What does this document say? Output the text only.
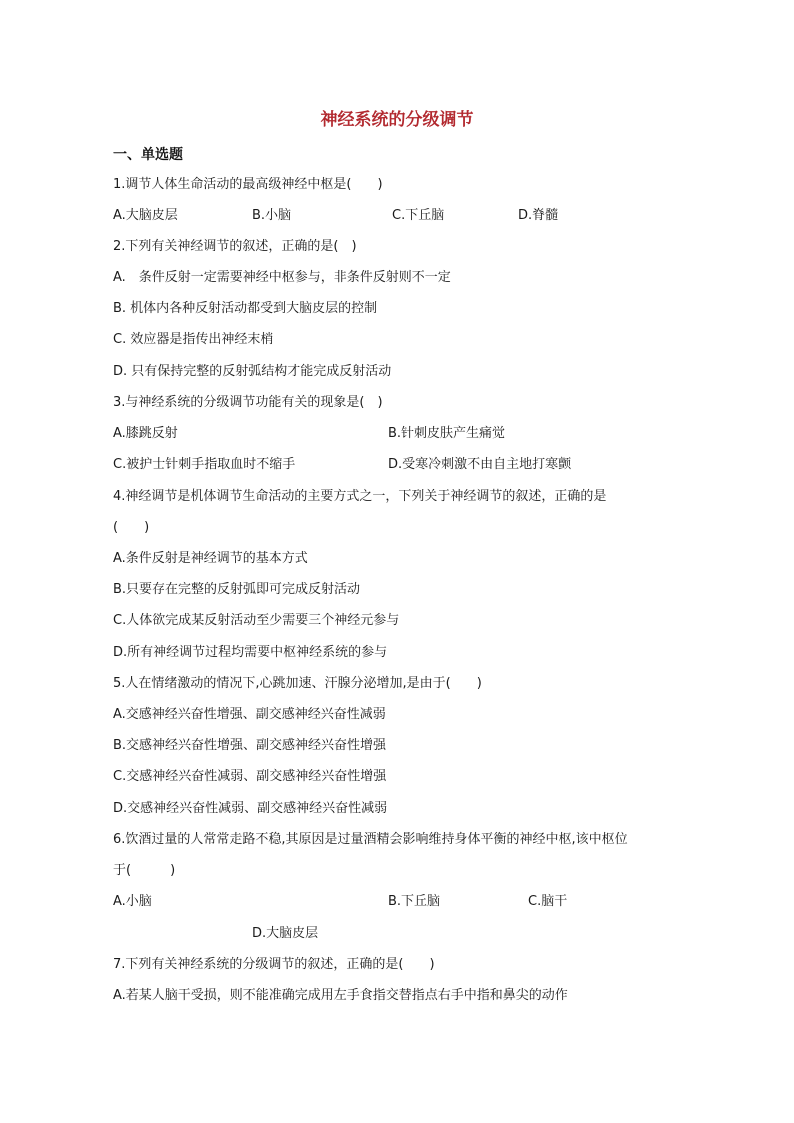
神经系统的分级调节
一、单选题
1.调节人体生命活动的最高级神经中枢是(　　)
A.大脑皮层	B.小脑	C.下丘脑	D.脊髓
2.下列有关神经调节的叙述，正确的是(　)
A.　条件反射一定需要神经中枢参与，非条件反射则不一定
B. 机体内各种反射活动都受到大脑皮层的控制
C. 效应器是指传出神经末梢
D. 只有保持完整的反射弧结构才能完成反射活动
3.与神经系统的分级调节功能有关的现象是(　)
A.膝跳反射	B.针刺皮肤产生痛觉
C.被护士针刺手指取血时不缩手	D.受寒冷刺激不由自主地打寒颤
4.神经调节是机体调节生命活动的主要方式之一，下列关于神经调节的叙述，正确的是
(　　)
A.条件反射是神经调节的基本方式
B.只要存在完整的反射弧即可完成反射活动
C.人体欲完成某反射活动至少需要三个神经元参与
D.所有神经调节过程均需要中枢神经系统的参与
5.人在情绪激动的情况下,心跳加速、汗腺分泌增加,是由于(　　)
A.交感神经兴奋性增强、副交感神经兴奋性减弱
B.交感神经兴奋性增强、副交感神经兴奋性增强
C.交感神经兴奋性减弱、副交感神经兴奋性增强
D.交感神经兴奋性减弱、副交感神经兴奋性减弱
6.饮酒过量的人常常走路不稳,其原因是过量酒精会影响维持身体平衡的神经中枢,该中枢位
于(　　　)
A.小脑	B.下丘脑	C.脑干
D.大脑皮层
7.下列有关神经系统的分级调节的叙述，正确的是(　　)
A.若某人脑干受损，则不能准确完成用左手食指交替指点右手中指和鼻尖的动作
